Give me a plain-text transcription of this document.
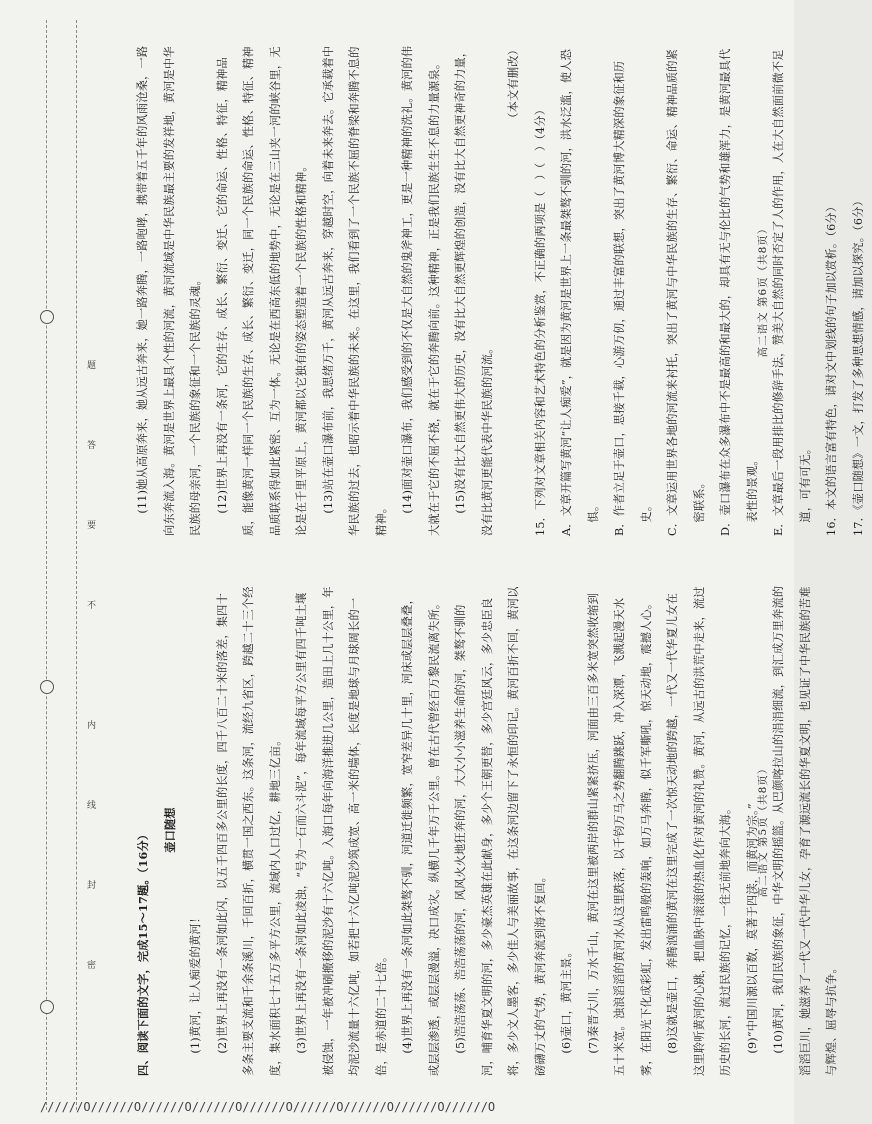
题
答
要
不
内
线
封
密
//////O//////O//////O//////O//////O//////O//////O//////O//////O

四、阅读下面的文字，完成15～17题。（16分）	壶口随想

(1)黄河，让人痴爱的黄河！	(2)世界上再没有一条河如此闪，以五千四百多公里的长度，四千八百二十米的落差，集四十多条主要支流和千余条溪川，千回百折，横贯一国之西东。这条河，流经九省区，跨越二十三个经度，集水面积七十五万多平方公里，流域内人口过亿，耕地三亿亩。	(3)世界上再没有一条河如此凌浊，“号为一石而六斗泥”，每年流域每平方公里有四千吨土壤被侵蚀，一年被冲刷搬移的泥沙有十六亿吨。入海口每年向海洋推进几公里，造田上几十公里，年均泥沙流量十六亿吨，如若把十六亿吨泥沙筑成宽、高一米的墙体，长度是地球与月球周长的一倍，是赤道的二十七倍。	(4)世界上再没有一条河如此桀骜不驯，河道迁徙频繁，宽窄差异几十里，河床或层层叠叠，或层层渗透，或层层漫溢，决口成灾。纵横几千年万千公里。曾在古代曾经百万黎民流离失所。	(5)浩浩荡荡、浩浩荡荡的河，风风火火地狂奔的河，大大小小滋养生命的河，桀骜不驯的河，哺育华夏文明的河，多少豪杰英雄在此献身，多少个王朝更替，多少宫廷风云，多少忠臣良将，多少文人墨客，多少佳人与美丽故事，在这条河边留下了永恒的印记。黄河百折不回，黄河以磅礴万丈的气势，黄河奔流到海不复回。	(6)壶口，黄河主景。	(7)秦晋大川，万水千山，黄河在这里被两岸的群山紧紧挤压，河面由三百多米宽突然收缩到五十米宽。浊浪滔滔的黄河水从这里跌落，以千钧万马之势翻腾跳跃，冲入深潭，飞溅起漫天水雾，在阳光下化成彩虹，发出雷鸣般的轰响，如万马奔腾，似千军嘶吼，惊天动地，震撼人心。	(8)这就是壶口，奔腾汹涌的黄河在这里完成了一次惊天动地的跨越，一代又一代华夏儿女在这里聆听黄河的心跳，把血脉中滚滚的热血化作对黄河的礼赞。黄河，从远古的洪荒中走来，流过历史的长河，流过民族的记忆，一往无前地奔向大海。	(9)“中国川源以百数，莫著于四渎，而黄河为宗。”	(10)黄河，我们民族的象征，中华文明的摇篮。从巴颜喀拉山的涓涓细流，到汇成万里奔流的滔滔巨川，她滋养了一代又一代中华儿女，孕育了源远流长的华夏文明，也见证了中华民族的苦难与辉煌、屈辱与抗争。

高二语文 第5页（共8页）

(11)她从高原奔来，她从远古奔来，她一路奔腾，一路咆哮，携带着五千年的风雨沧桑，一路向东奔流入海。黄河是世界上最具个性的河流，黄河流域是中华民族最主要的发祥地，黄河是中华民族的母亲河，一个民族的象征和一个民族的灵魂。	(12)世界上再没有一条河，它的生存、成长、繁衍、变迁、它的命运、性格、特征，精神品质，能像黄河一样同一个民族的生存、成长、繁衍、变迁，同一个民族的命运、性格、特征、精神品质联系得如此紧密、互为一体。无论是在西高东低的地势中，无论是在三山夹一河的峡谷里，无论是在千里平原上，黄河都以它独有的姿态塑造着一个民族的性格和精神。	(13)站在壶口瀑布前，我思绪万千，黄河从远古奔来，穿越时空，向着未来奔去。它承载着中华民族的过去，也昭示着中华民族的未来。在这里，我们看到了一个民族不屈的脊梁和奔腾不息的精神。

(14)面对壶口瀑布，我们感受到的不仅是大自然的鬼斧神工，更是一种精神的洗礼。黄河的伟大就在于它的不屈不挠，就在于它的奔腾向前。这种精神，正是我们民族生生不息的力量源泉。	(15)没有比大自然更伟大的历史，没有比大自然更辉煌的创造，没有比大自然更神奇的力量，没有比黄河更能代表中华民族的河流。

（本文有删改）

15．下列对文章相关内容和艺术特色的分析鉴赏，不正确的两项是（　）（　）（4分）	A．文章开篇写黄河“让人痴爱”，就是因为黄河是世界上一条最桀骜不驯的河，洪水泛滥，使人恐惧。	B．作者立足于壶口，思接千载，心游万仞，通过丰富的联想，突出了黄河博大精深的象征和历史。	C．文章运用世界各地的河流来衬托，突出了黄河与中华民族的生存、繁衍、命运、精神品质的紧密联系。	D．壶口瀑布在众多瀑布中不是最高的和最大的，却具有无与伦比的气势和雄浑力，是黄河最具代表性的景观。	E．文章最后一段用排比的修辞手法，赞美大自然的同时否定了人的作用，人在大自然面前微不足道，可有可无。	16．本文的语言富有特色，请对文中划线的句子加以赏析。（6分）	17．《壶口随想》一文，打发了多种思想情感，请加以探究。（6分）

高二语文 第6页（共8页）
